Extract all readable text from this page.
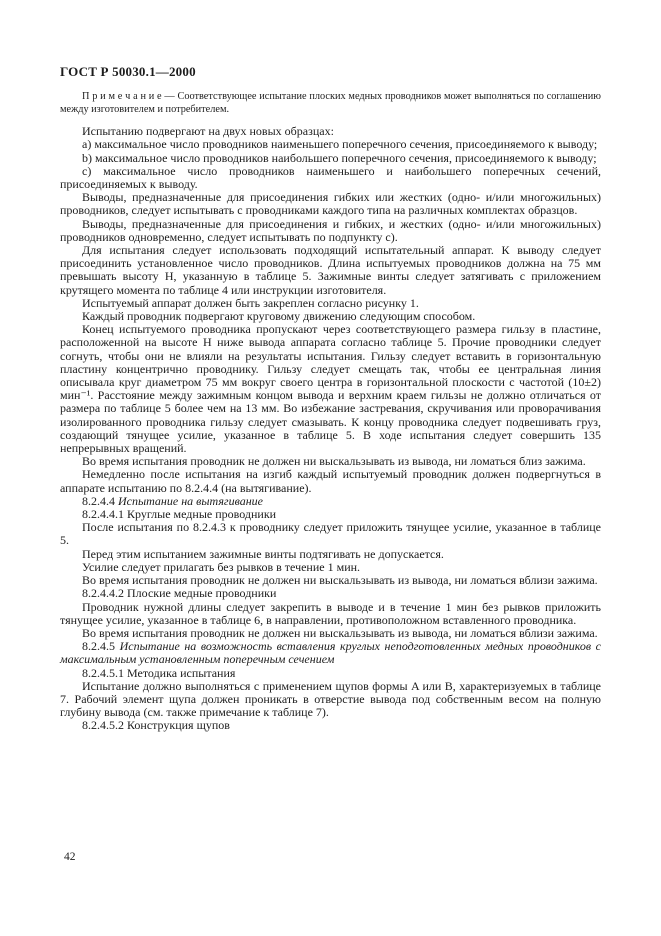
ГОСТ Р 50030.1—2000

П р и м е ч а н и е — Соответствующее испытание плоских медных проводников может выполняться по соглашению между изготовителем и потребителем.

Испытанию подвергают на двух новых образцах:

a) максимальное число проводников наименьшего поперечного сечения, присоединяемого к выводу;

b) максимальное число проводников наибольшего поперечного сечения, присоединяемого к выводу;

c) максимальное число проводников наименьшего и наибольшего поперечных сечений, присоединяемых к выводу.

Выводы, предназначенные для присоединения гибких или жестких (одно- и/или многожильных) проводников, следует испытывать с проводниками каждого типа на различных комплектах образцов.

Выводы, предназначенные для присоединения и гибких, и жестких (одно- и/или многожильных) проводников одновременно, следует испытывать по подпункту c).

Для испытания следует использовать подходящий испытательный аппарат. К выводу следует присоединить установленное число проводников. Длина испытуемых проводников должна на 75 мм превышать высоту H, указанную в таблице 5. Зажимные винты следует затягивать с приложением крутящего момента по таблице 4 или инструкции изготовителя.

Испытуемый аппарат должен быть закреплен согласно рисунку 1.

Каждый проводник подвергают круговому движению следующим способом.

Конец испытуемого проводника пропускают через соответствующего размера гильзу в пластине, расположенной на высоте H ниже вывода аппарата согласно таблице 5. Прочие проводники следует согнуть, чтобы они не влияли на результаты испытания. Гильзу следует вставить в горизонтальную пластину концентрично проводнику. Гильзу следует смещать так, чтобы ее центральная линия описывала круг диаметром 75 мм вокруг своего центра в горизонтальной плоскости с частотой (10±2) мин⁻¹. Расстояние между зажимным концом вывода и верхним краем гильзы не должно отличаться от размера по таблице 5 более чем на 13 мм. Во избежание застревания, скручивания или проворачивания изолированного проводника гильзу следует смазывать. К концу проводника следует подвешивать груз, создающий тянущее усилие, указанное в таблице 5. В ходе испытания следует совершить 135 непрерывных вращений.

Во время испытания проводник не должен ни выскальзывать из вывода, ни ломаться близ зажима.

Немедленно после испытания на изгиб каждый испытуемый проводник должен подвергнуться в аппарате испытанию по 8.2.4.4 (на вытягивание).

8.2.4.4 Испытание на вытягивание

8.2.4.4.1 Круглые медные проводники

После испытания по 8.2.4.3 к проводнику следует приложить тянущее усилие, указанное в таблице 5.

Перед этим испытанием зажимные винты подтягивать не допускается.

Усилие следует прилагать без рывков в течение 1 мин.

Во время испытания проводник не должен ни выскальзывать из вывода, ни ломаться вблизи зажима.

8.2.4.4.2 Плоские медные проводники

Проводник нужной длины следует закрепить в выводе и в течение 1 мин без рывков приложить тянущее усилие, указанное в таблице 6, в направлении, противоположном вставленного проводника.

Во время испытания проводник не должен ни выскальзывать из вывода, ни ломаться вблизи зажима.

8.2.4.5 Испытание на возможность вставления круглых неподготовленных медных проводников с максимальным установленным поперечным сечением

8.2.4.5.1 Методика испытания

Испытание должно выполняться с применением щупов формы A или B, характеризуемых в таблице 7. Рабочий элемент щупа должен проникать в отверстие вывода под собственным весом на полную глубину вывода (см. также примечание к таблице 7).

8.2.4.5.2 Конструкция щупов

42
